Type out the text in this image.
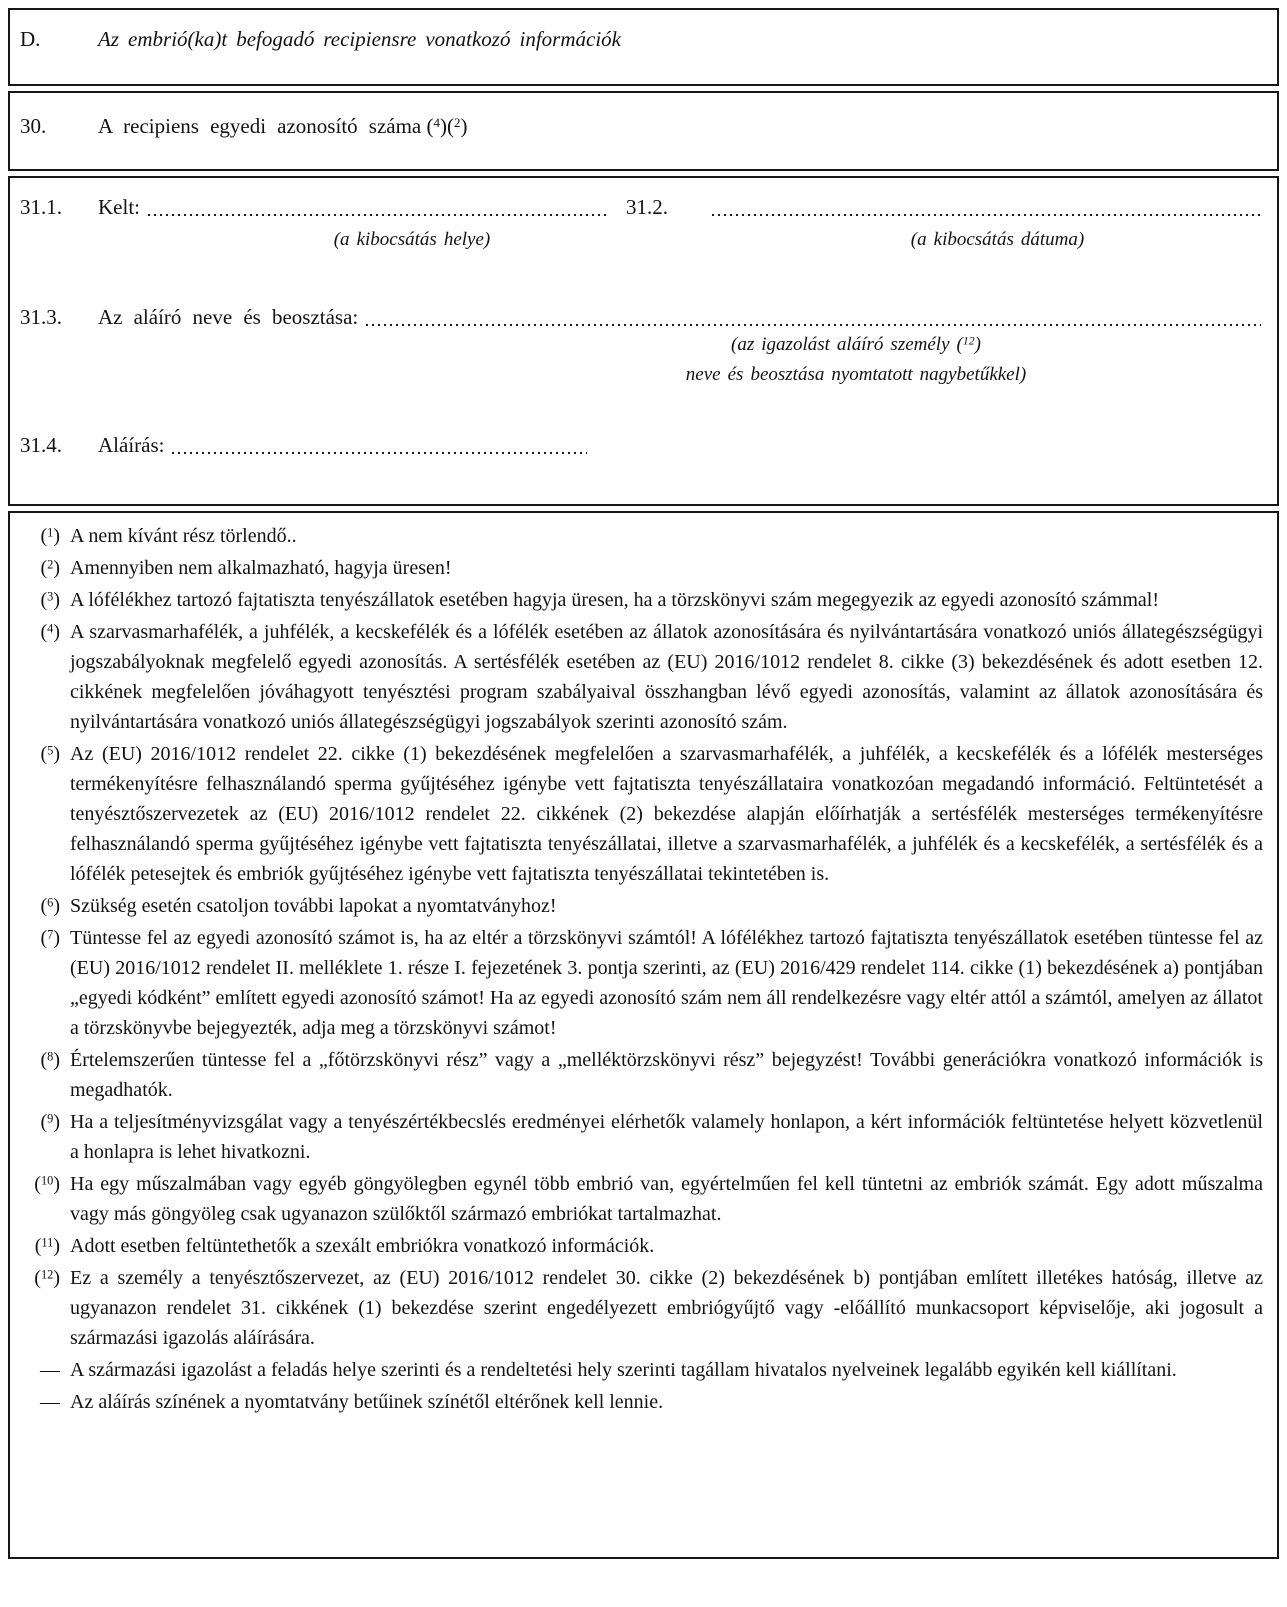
D.	Az embrió(ka)t befogadó recipiensre vonatkozó információk
30.	A recipiens egyedi azonosító száma ($^4$)($^2$)
31.1.	Kelt:	31.2.
(a kibocsátás helye)	(a kibocsátás dátuma)
31.3.	Az aláíró neve és beosztása:
(az igazolást aláíró személy ($^{12}$)
neve és beosztása nyomtatott nagybetűkkel)
31.4.	Aláírás:
($^1$) A nem kívánt rész törlendő..
($^2$) Amennyiben nem alkalmazható, hagyja üresen!
($^3$) A lófélékhez tartozó fajtatiszta tenyészállatok esetében hagyja üresen, ha a törzskönyvi szám megegyezik az egyedi azonosító számmal!
($^4$) A szarvasmarhafélék, a juhfélék, a kecskefélék és a lófélék esetében az állatok azonosítására és nyilvántartására vonatkozó uniós állategészségügyi jogszabályoknak megfelelő egyedi azonosítás. A sertésfélék esetében az (EU) 2016/1012 rendelet 8. cikke (3) bekezdésének és adott esetben 12. cikkének megfelelően jóváhagyott tenyésztési program szabályaival összhangban lévő egyedi azonosítás, valamint az állatok azonosítására és nyilvántartására vonatkozó uniós állategészségügyi jogszabályok szerinti azonosító szám.
($^5$) Az (EU) 2016/1012 rendelet 22. cikke (1) bekezdésének megfelelően a szarvasmarhafélék, a juhfélék, a kecskefélék és a lófélék mesterséges termékenyítésre felhasználandó sperma gyűjtéséhez igénybe vett fajtatiszta tenyészállataira vonatkozóan megadandó információ. Feltüntetését a tenyésztőszervezetek az (EU) 2016/1012 rendelet 22. cikkének (2) bekezdése alapján előírhatják a sertésfélék mesterséges termékenyítésre felhasználandó sperma gyűjtéséhez igénybe vett fajtatiszta tenyészállatai, illetve a szarvasmarhafélék, a juhfélék és a kecskefélék, a sertésfélék és a lófélék petesejtek és embriók gyűjtéséhez igénybe vett fajtatiszta tenyészállatai tekintetében is.
($^6$) Szükség esetén csatoljon további lapokat a nyomtatványhoz!
($^7$) Tüntesse fel az egyedi azonosító számot is, ha az eltér a törzskönyvi számtól! A lófélékhez tartozó fajtatiszta tenyészállatok esetében tüntesse fel az (EU) 2016/1012 rendelet II. melléklete 1. része I. fejezetének 3. pontja szerinti, az (EU) 2016/429 rendelet 114. cikke (1) bekezdésének a) pontjában „egyedi kódként” említett egyedi azonosító számot! Ha az egyedi azonosító szám nem áll rendelkezésre vagy eltér attól a számtól, amelyen az állatot a törzskönyvbe bejegyezték, adja meg a törzskönyvi számot!
($^8$) Értelemszerűen tüntesse fel a „főtörzskönyvi rész” vagy a „melléktörzskönyvi rész” bejegyzést! További generációkra vonatkozó információk is megadhatók.
($^9$) Ha a teljesítményvizsgálat vagy a tenyészértékbecslés eredményei elérhetők valamely honlapon, a kért információk feltüntetése helyett közvetlenül a honlapra is lehet hivatkozni.
($^{10}$) Ha egy műszalmában vagy egyéb göngyölegben egynél több embrió van, egyértelműen fel kell tüntetni az embriók számát. Egy adott műszalma vagy más göngyöleg csak ugyanazon szülőktől származó embriókat tartalmazhat.
($^{11}$) Adott esetben feltüntethetők a szexált embriókra vonatkozó információk.
($^{12}$) Ez a személy a tenyésztőszervezet, az (EU) 2016/1012 rendelet 30. cikke (2) bekezdésének b) pontjában említett illetékes hatóság, illetve az ugyanazon rendelet 31. cikkének (1) bekezdése szerint engedélyezett embriógyűjtő vagy -előállító munkacsoport képviselője, aki jogosult a származási igazolás aláírására.
— A származási igazolást a feladás helye szerinti és a rendeltetési hely szerinti tagállam hivatalos nyelveinek legalább egyikén kell kiállítani.
— Az aláírás színének a nyomtatvány betűinek színétől eltérőnek kell lennie.
